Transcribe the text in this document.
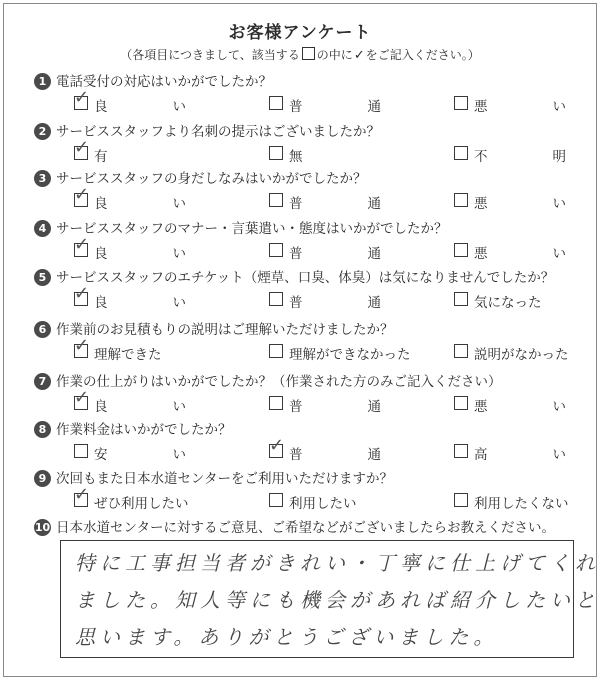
お客様アンケート
（各項目につきまして、該当する の中に✓をご記入ください。）
1 電話受付の対応はいかがでしたか？
✓ 良	い	普	通	悪	い
2 サービススタッフより名刺の提示はございましたか？
✓ 有	無	不	明
3 サービススタッフの身だしなみはいかがでしたか？
✓ 良	い	普	通	悪	い
4 サービススタッフのマナー・言葉遣い・態度はいかがでしたか？
✓ 良	い	普	通	悪	い
5 サービススタッフのエチケット（煙草、口臭、体臭）は気になりませんでしたか？
✓ 良	い	普	通	気になった
6 作業前のお見積もりの説明はご理解いただけましたか？
✓ 理解できた	理解ができなかった	説明がなかった
7 作業の仕上がりはいかがでしたか？（作業された方のみご記入ください）
✓ 良	い	普	通	悪	い
8 作業料金はいかがでしたか？
安	い	✓ 普	通	高	い
9 次回もまた日本水道センターをご利用いただけますか？
✓ ぜひ利用したい	利用したい	利用したくない
10 日本水道センターに対するご意見、ご希望などがございましたらお教えください。
特に工事担当者がきれい・丁寧に仕上げてくれ
ました。知人等にも機会があれば紹介したいと
思います。ありがとうございました。
